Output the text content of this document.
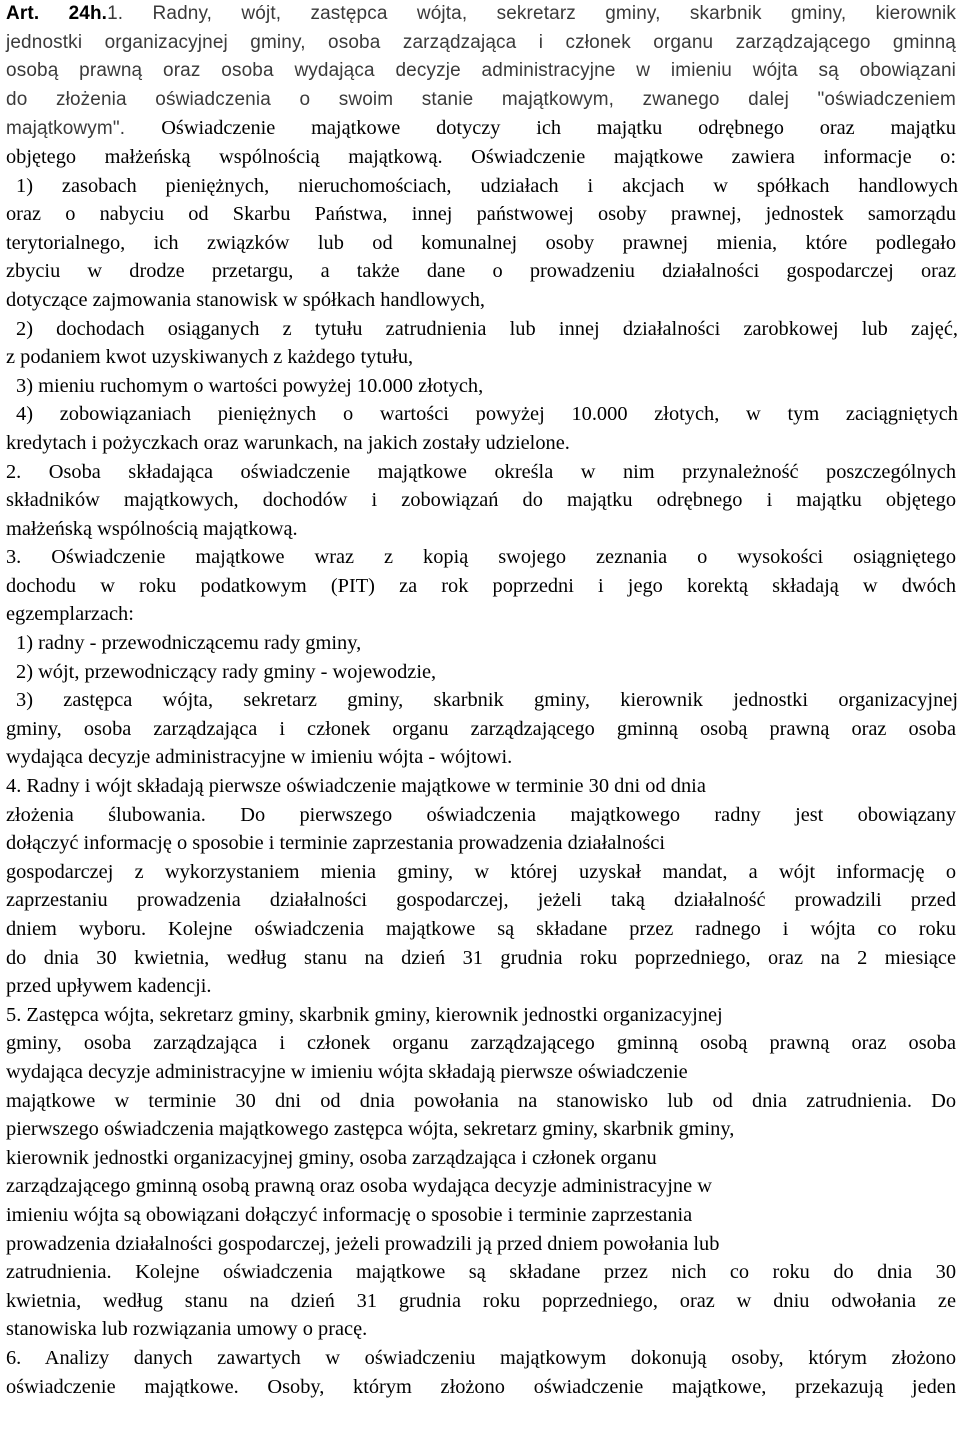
Art. 24h.1. Radny, wójt, zastępca wójta, sekretarz gminy, skarbnik gminy, kierownik
jednostki organizacyjnej gminy, osoba zarządzająca i członek organu zarządzającego gminną
osobą prawną oraz osoba wydająca decyzje administracyjne w imieniu wójta są obowiązani
do złożenia oświadczenia o swoim stanie majątkowym, zwanego dalej "oświadczeniem
majątkowym". Oświadczenie majątkowe dotyczy ich majątku odrębnego oraz majątku
objętego małżeńską wspólnością majątkową. Oświadczenie majątkowe zawiera informacje o:
1) zasobach pieniężnych, nieruchomościach, udziałach i akcjach w spółkach handlowych
oraz o nabyciu od Skarbu Państwa, innej państwowej osoby prawnej, jednostek samorządu
terytorialnego, ich związków lub od komunalnej osoby prawnej mienia, które podlegało
zbyciu w drodze przetargu, a także dane o prowadzeniu działalności gospodarczej oraz
dotyczące zajmowania stanowisk w spółkach handlowych,
2) dochodach osiąganych z tytułu zatrudnienia lub innej działalności zarobkowej lub zajęć,
z podaniem kwot uzyskiwanych z każdego tytułu,
3) mieniu ruchomym o wartości powyżej 10.000 złotych,
4) zobowiązaniach pieniężnych o wartości powyżej 10.000 złotych, w tym zaciągniętych
kredytach i pożyczkach oraz warunkach, na jakich zostały udzielone.
2. Osoba składająca oświadczenie majątkowe określa w nim przynależność poszczególnych
składników majątkowych, dochodów i zobowiązań do majątku odrębnego i majątku objętego
małżeńską wspólnością majątkową.
3. Oświadczenie majątkowe wraz z kopią swojego zeznania o wysokości osiągniętego
dochodu w roku podatkowym (PIT) za rok poprzedni i jego korektą składają w dwóch
egzemplarzach:
1) radny - przewodniczącemu rady gminy,
2) wójt, przewodniczący rady gminy - wojewodzie,
3) zastępca wójta, sekretarz gminy, skarbnik gminy, kierownik jednostki organizacyjnej
gminy, osoba zarządzająca i członek organu zarządzającego gminną osobą prawną oraz osoba
wydająca decyzje administracyjne w imieniu wójta - wójtowi.
4. Radny i wójt składają pierwsze oświadczenie majątkowe w terminie 30 dni od dnia
złożenia ślubowania. Do pierwszego oświadczenia majątkowego radny jest obowiązany
dołączyć informację o sposobie i terminie zaprzestania prowadzenia działalności
gospodarczej z wykorzystaniem mienia gminy, w której uzyskał mandat, a wójt informację o
zaprzestaniu prowadzenia działalności gospodarczej, jeżeli taką działalność prowadzili przed
dniem wyboru. Kolejne oświadczenia majątkowe są składane przez radnego i wójta co roku
do dnia 30 kwietnia, według stanu na dzień 31 grudnia roku poprzedniego, oraz na 2 miesiące
przed upływem kadencji.
5. Zastępca wójta, sekretarz gminy, skarbnik gminy, kierownik jednostki organizacyjnej
gminy, osoba zarządzająca i członek organu zarządzającego gminną osobą prawną oraz osoba
wydająca decyzje administracyjne w imieniu wójta składają pierwsze oświadczenie
majątkowe w terminie 30 dni od dnia powołania na stanowisko lub od dnia zatrudnienia. Do
pierwszego oświadczenia majątkowego zastępca wójta, sekretarz gminy, skarbnik gminy,
kierownik jednostki organizacyjnej gminy, osoba zarządzająca i członek organu
zarządzającego gminną osobą prawną oraz osoba wydająca decyzje administracyjne w
imieniu wójta są obowiązani dołączyć informację o sposobie i terminie zaprzestania
prowadzenia działalności gospodarczej, jeżeli prowadzili ją przed dniem powołania lub
zatrudnienia. Kolejne oświadczenia majątkowe są składane przez nich co roku do dnia 30
kwietnia, według stanu na dzień 31 grudnia roku poprzedniego, oraz w dniu odwołania ze
stanowiska lub rozwiązania umowy o pracę.
6. Analizy danych zawartych w oświadczeniu majątkowym dokonują osoby, którym złożono
oświadczenie majątkowe. Osoby, którym złożono oświadczenie majątkowe, przekazują jeden
